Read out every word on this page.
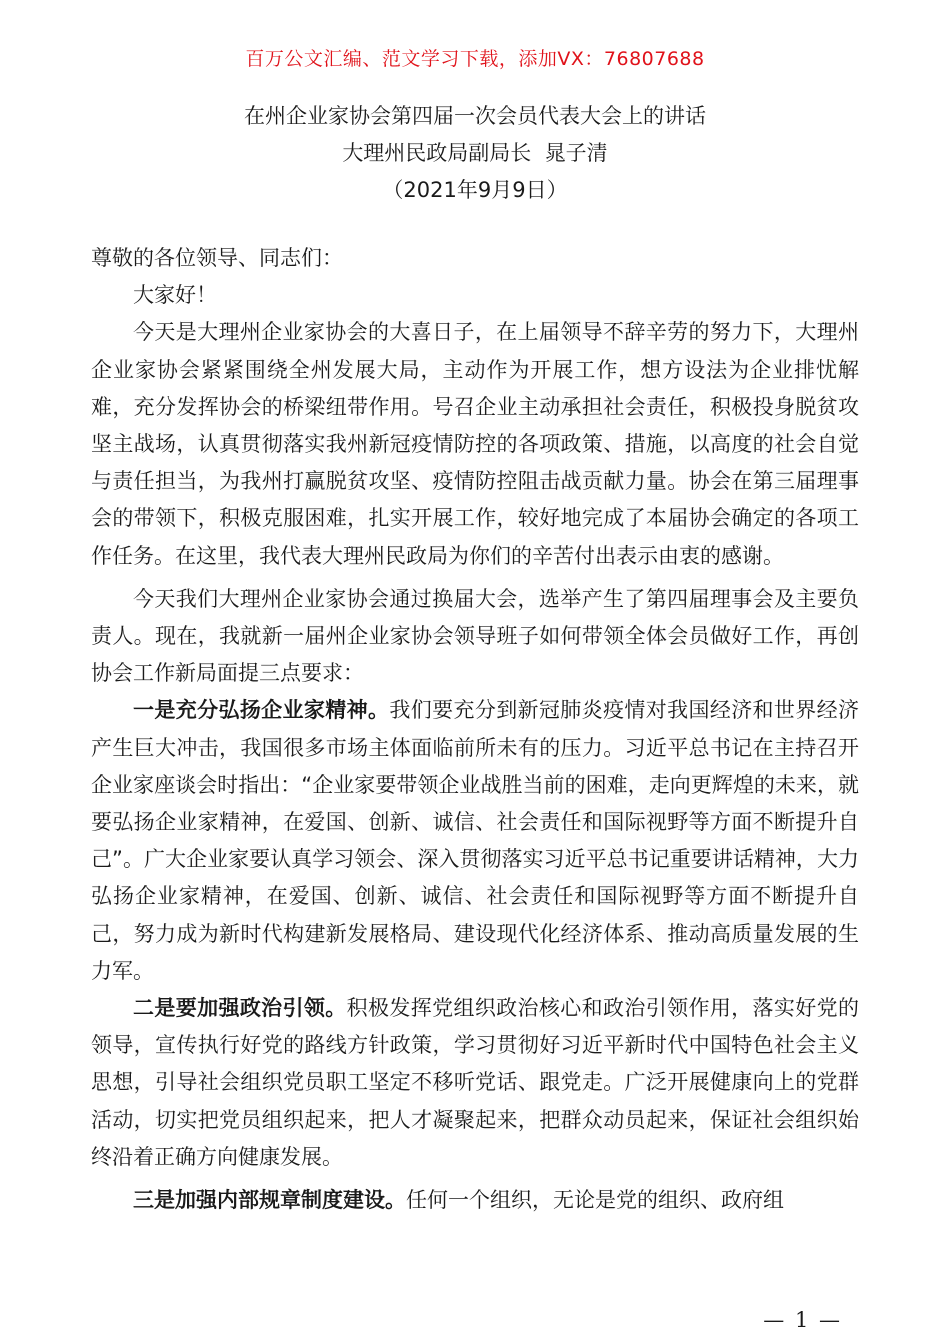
百万公文汇编、范文学习下载，添加VX：76807688
在州企业家协会第四届一次会员代表大会上的讲话
大理州民政局副局长  晁子清
（2021年9月9日）

尊敬的各位领导、同志们：

大家好！

今天是大理州企业家协会的大喜日子，在上届领导不辞辛劳的努力下，大理州企业家协会紧紧围绕全州发展大局，主动作为开展工作，想方设法为企业排忧解难，充分发挥协会的桥梁纽带作用。号召企业主动承担社会责任，积极投身脱贫攻坚主战场，认真贯彻落实我州新冠疫情防控的各项政策、措施，以高度的社会自觉与责任担当，为我州打赢脱贫攻坚、疫情防控阻击战贡献力量。协会在第三届理事会的带领下，积极克服困难，扎实开展工作，较好地完成了本届协会确定的各项工作任务。在这里，我代表大理州民政局为你们的辛苦付出表示由衷的感谢。

今天我们大理州企业家协会通过换届大会，选举产生了第四届理事会及主要负责人。现在，我就新一届州企业家协会领导班子如何带领全体会员做好工作，再创协会工作新局面提三点要求：

一是充分弘扬企业家精神。我们要充分到新冠肺炎疫情对我国经济和世界经济产生巨大冲击，我国很多市场主体面临前所未有的压力。习近平总书记在主持召开企业家座谈会时指出：“企业家要带领企业战胜当前的困难，走向更辉煌的未来，就要弘扬企业家精神，在爱国、创新、诚信、社会责任和国际视野等方面不断提升自己”。广大企业家要认真学习领会、深入贯彻落实习近平总书记重要讲话精神，大力弘扬企业家精神，在爱国、创新、诚信、社会责任和国际视野等方面不断提升自己，努力成为新时代构建新发展格局、建设现代化经济体系、推动高质量发展的生力军。

二是要加强政治引领。积极发挥党组织政治核心和政治引领作用，落实好党的领导，宣传执行好党的路线方针政策，学习贯彻好习近平新时代中国特色社会主义思想，引导社会组织党员职工坚定不移听党话、跟党走。广泛开展健康向上的党群活动，切实把党员组织起来，把人才凝聚起来，把群众动员起来，保证社会组织始终沿着正确方向健康发展。

三是加强内部规章制度建设。任何一个组织，无论是党的组织、政府组

— 1 —
